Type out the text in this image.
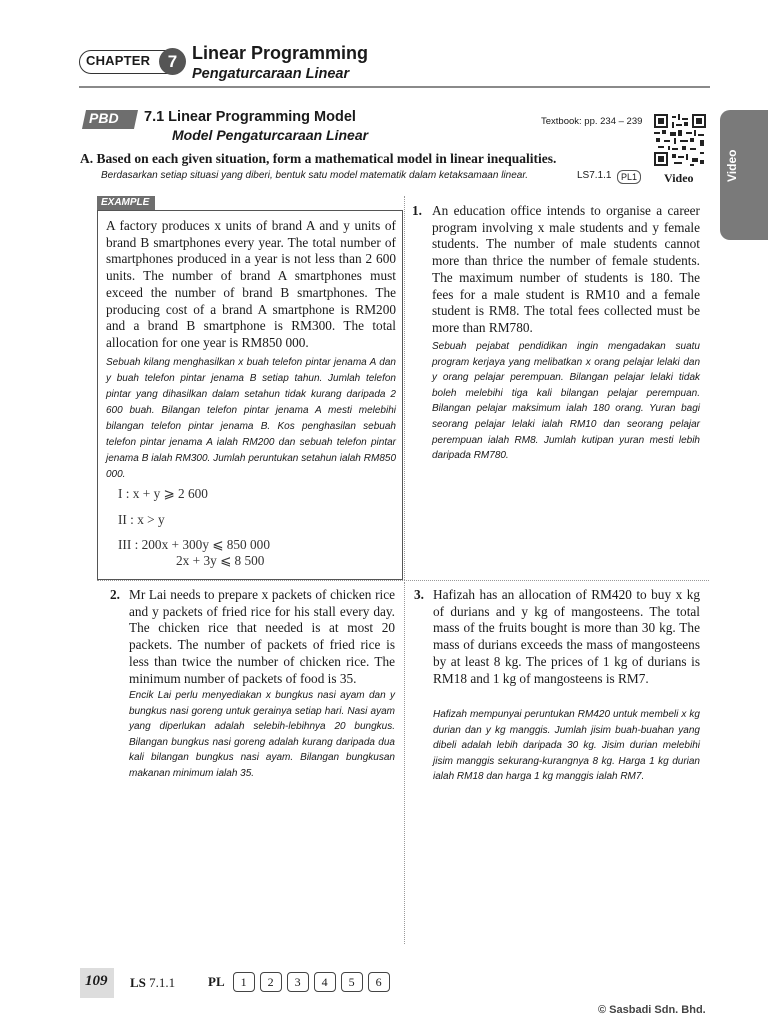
CHAPTER	7 Linear Programming
Pengaturcaraan Linear
Video
PBD 7.1 Linear Programming Model
Model Pengaturcaraan Linear
Textbook: pp. 234 – 239
Video
A. Based on each given situation, form a mathematical model in linear inequalities.
Berdasarkan setiap situasi yang diberi, bentuk satu model matematik dalam ketaksamaan linear.	LS7.1.1	PL1
EXAMPLE
A factory produces x units of brand A and y units of brand B smartphones every year. The total number of smartphones produced in a year is not less than 2 600 units. The number of brand A smartphones must exceed the number of brand B smartphones. The producing cost of a brand A smartphone is RM200 and a brand B smartphone is RM300. The total allocation for one year is RM850 000.
Sebuah kilang menghasilkan x buah telefon pintar jenama A dan y buah telefon pintar jenama B setiap tahun. Jumlah telefon pintar yang dihasilkan dalam setahun tidak kurang daripada 2 600 buah. Bilangan telefon pintar jenama A mesti melebihi bilangan telefon pintar jenama B. Kos penghasilan sebuah telefon pintar jenama A ialah RM200 dan sebuah telefon pintar jenama B ialah RM300. Jumlah peruntukan setahun ialah RM850 000.
I : x + y ⩾ 2 600
II : x > y
III : 200x + 300y ⩽ 850 000
2x + 3y ⩽ 8 500
1. An education office intends to organise a career program involving x male students and y female students. The number of male students cannot more than thrice the number of female students. The maximum number of students is 180. The fees for a male student is RM10 and a female student is RM8. The total fees collected must be more than RM780.
Sebuah pejabat pendidikan ingin mengadakan suatu program kerjaya yang melibatkan x orang pelajar lelaki dan y orang pelajar perempuan. Bilangan pelajar lelaki tidak boleh melebihi tiga kali bilangan pelajar perempuan. Bilangan pelajar maksimum ialah 180 orang. Yuran bagi seorang pelajar lelaki ialah RM10 dan seorang pelajar perempuan ialah RM8. Jumlah kutipan yuran mesti lebih daripada RM780.
2. Mr Lai needs to prepare x packets of chicken rice and y packets of fried rice for his stall every day. The chicken rice that needed is at most 20 packets. The number of packets of fried rice is less than twice the number of chicken rice. The minimum number of packets of food is 35.
Encik Lai perlu menyediakan x bungkus nasi ayam dan y bungkus nasi goreng untuk gerainya setiap hari. Nasi ayam yang diperlukan adalah selebih-lebihnya 20 bungkus. Bilangan bungkus nasi goreng adalah kurang daripada dua kali bilangan bungkus nasi ayam. Bilangan bungkusan makanan minimum ialah 35.
3. Hafizah has an allocation of RM420 to buy x kg of durians and y kg of mangosteens. The total mass of the fruits bought is more than 30 kg. The mass of durians exceeds the mass of mangosteens by at least 8 kg. The prices of 1 kg of durians is RM18 and 1 kg of mangosteens is RM7.
Hafizah mempunyai peruntukan RM420 untuk membeli x kg durian dan y kg manggis. Jumlah jisim buah-buahan yang dibeli adalah lebih daripada 30 kg. Jisim durian melebihi jisim manggis sekurang-kurangnya 8 kg. Harga 1 kg durian ialah RM18 dan harga 1 kg manggis ialah RM7.
109 LS 7.1.1	PL	1	2	3	4	5	6
© Sasbadi Sdn. Bhd.
